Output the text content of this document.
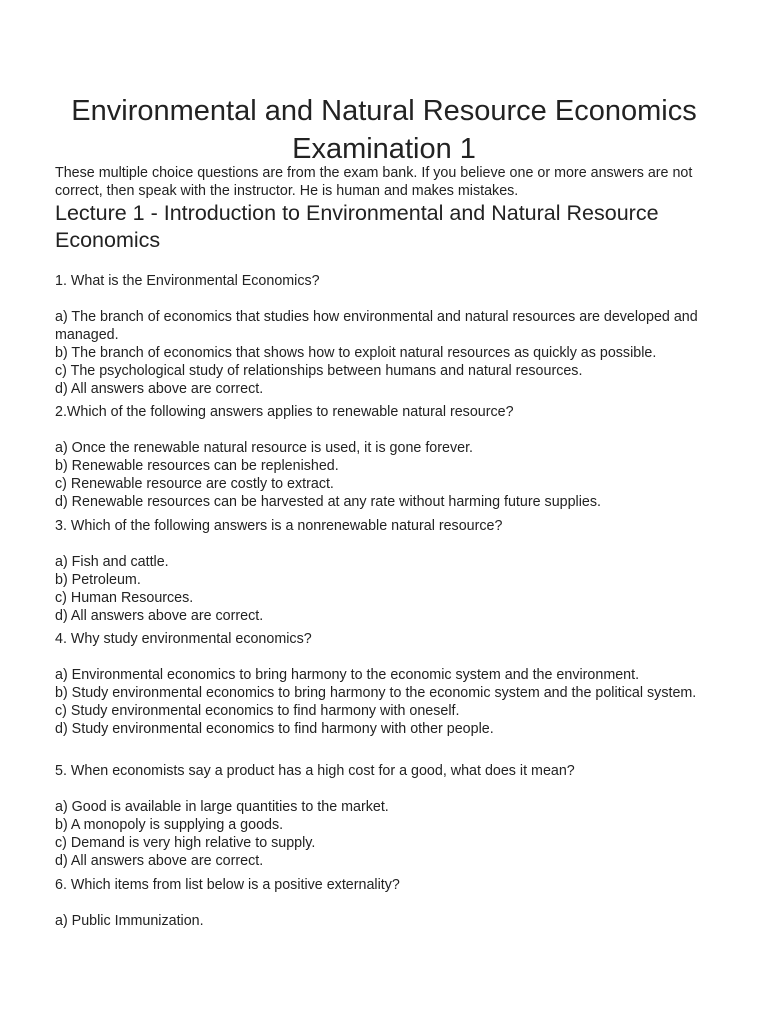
Environmental and Natural Resource Economics
Examination 1

These multiple choice questions are from the exam bank. If you believe one or more answers are not correct, then speak with the instructor. He is human and makes mistakes.

Lecture 1 - Introduction to Environmental and Natural Resource Economics

1. What is the Environmental Economics?

a) The branch of economics that studies how environmental and natural resources are developed and managed.

b) The branch of economics that shows how to exploit natural resources as quickly as possible.

c) The psychological study of relationships between humans and natural resources.

d) All answers above are correct.

2.Which of the following answers applies to renewable natural resource?

a) Once the renewable natural resource is used, it is gone forever.

b) Renewable resources can be replenished.

c) Renewable resource are costly to extract.

d) Renewable resources can be harvested at any rate without harming future supplies.

3. Which of the following answers is a nonrenewable natural resource?

a) Fish and cattle.

b) Petroleum.

c) Human Resources.

d) All answers above are correct.

4. Why study environmental economics?

a) Environmental economics to bring harmony to the economic system and the environment.

b) Study environmental economics to bring harmony to the economic system and the political system.

c) Study environmental economics to find harmony with oneself.

d) Study environmental economics to find harmony with other people.

5. When economists say a product has a high cost for a good, what does it mean?

a) Good is available in large quantities to the market.

b) A monopoly is supplying a goods.

c) Demand is very high relative to supply.

d) All answers above are correct.

6. Which items from list below is a positive externality?

a) Public Immunization.
